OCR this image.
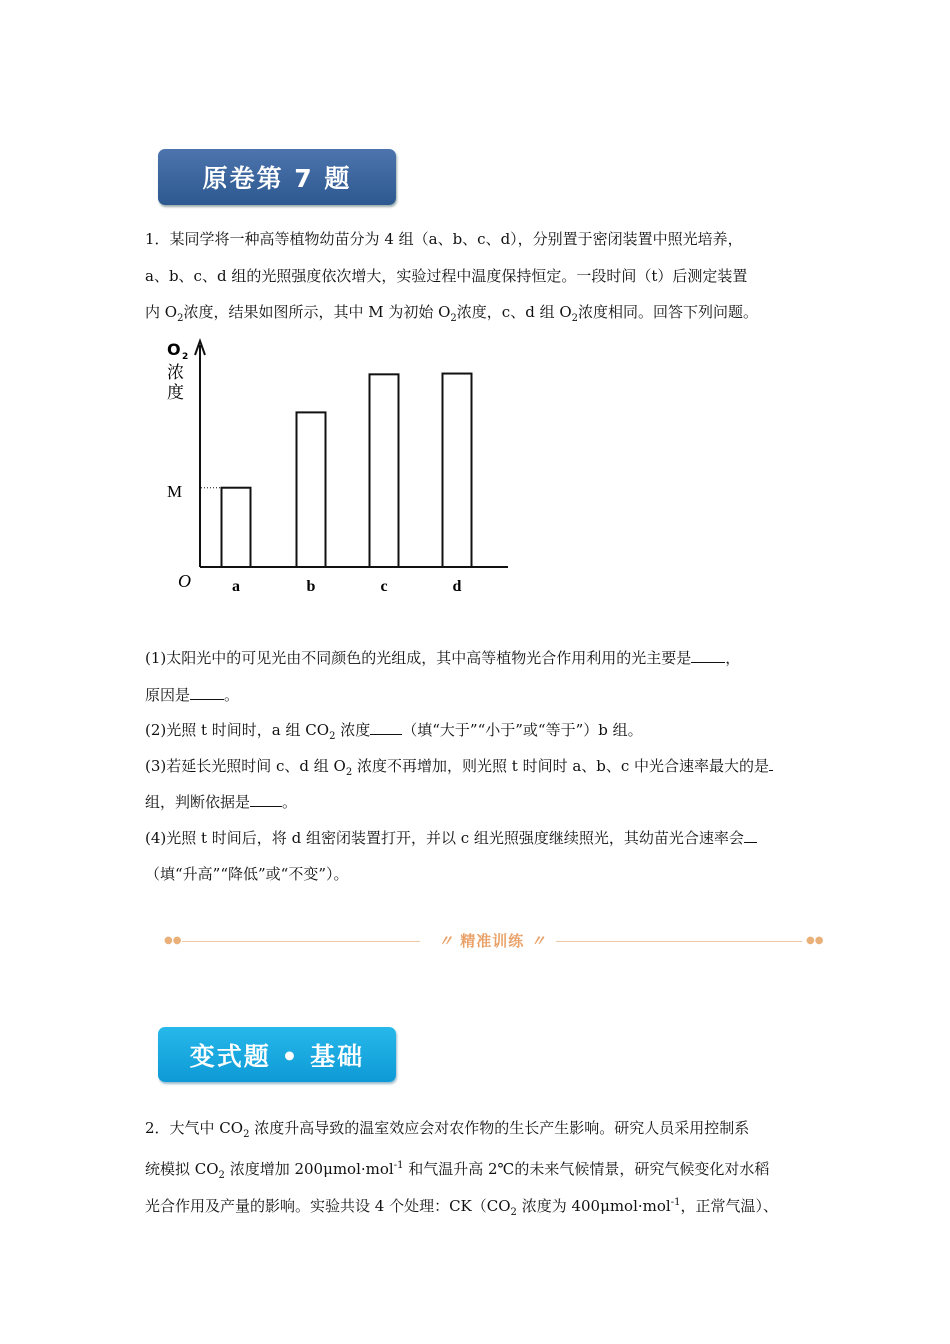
原卷第 7 题
1．某同学将一种高等植物幼苗分为 4 组（a、b、c、d），分别置于密闭装置中照光培养，
a、b、c、d 组的光照强度依次增大，实验过程中温度保持恒定。一段时间（t）后测定装置
内 $O_2$浓度，结果如图所示，其中 M 为初始 $O_2$浓度，c、d 组 $O_2$浓度相同。回答下列问题。
O 2
浓
度
M
O	a	b	c	d
(1)太阳光中的可见光由不同颜色的光组成，其中高等植物光合作用利用的光主要是 ，
原因是 。
(2)光照 t 时间时，a 组 $CO_2$ 浓度 （填“大于”“小于”或“等于”）b 组。
(3)若延长光照时间 c、d 组 $O_2$ 浓度不再增加，则光照 t 时间时 a、b、c 中光合速率最大的是
组，判断依据是 。
(4)光照 t 时间后，将 d 组密闭装置打开，并以 c 组光照强度继续照光，其幼苗光合速率会
（填“升高”“降低”或“不变”）。
●●	〃 精准训练 〃	●●
变式题 • 基础
2．大气中 $CO_2$ 浓度升高导致的温室效应会对农作物的生长产生影响。研究人员采用控制系
统模拟 $CO_2$ 浓度增加 200μmol·mol$^{-1}$ 和气温升高 2℃的未来气候情景，研究气候变化对水稻
光合作用及产量的影响。实验共设 4 个处理：$CK(CO_2$ 浓度为 400μmol·mol$^{-1}$，正常气温）、
